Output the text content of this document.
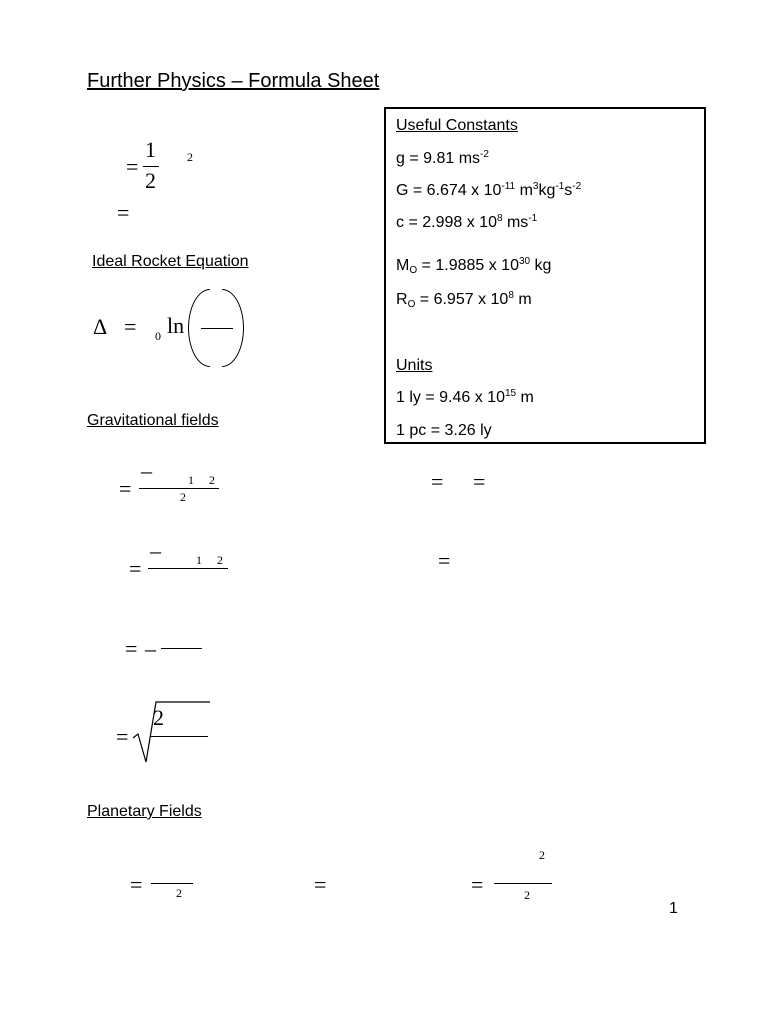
Further Physics – Formula Sheet
=
1
2
2
=
Useful Constants
g = 9.81 $ms^{-2}$
G = 6.674 x $10^{-11}$ $m^3kg^{-1}s^{-2}$
c = 2.998 x $10^8$ $ms^{-1}$
$M_O = 1.9885$ x $10^{30}$ kg
$R_O = 6.957$ x $10^8$ m
Units
1 ly = 9.46 x $10^{15}$ m
1 pc = 3.26 ly
Ideal Rocket Equation
Δ = 0 ln
Gravitational fields
=
–	1 2
2
= =
=
–	1 2	=
= –
=
2
Planetary Fields
=	2	=
2
=	2
1
